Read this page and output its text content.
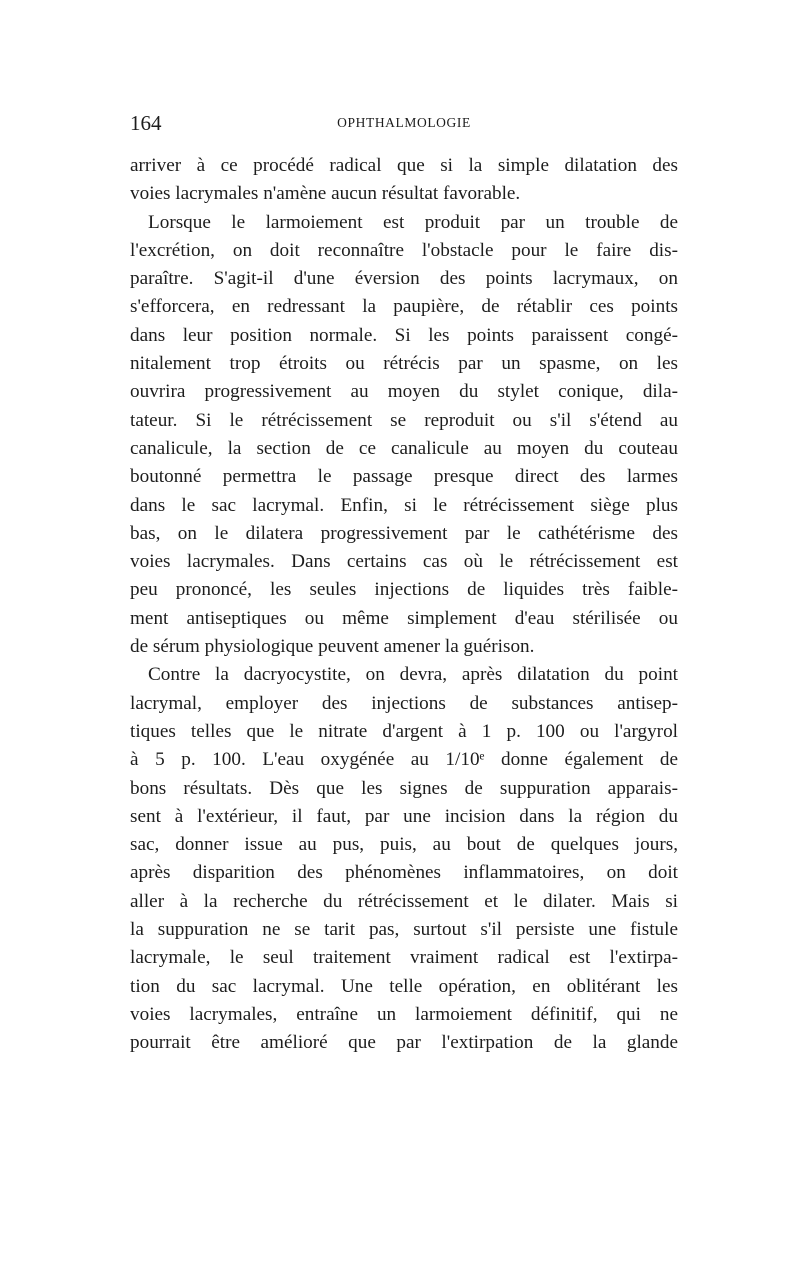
164	OPHTHALMOLOGIE
arriver à ce procédé radical que si la simple dilatation des
voies lacrymales n'amène aucun résultat favorable.
Lorsque le larmoiement est produit par un trouble de
l'excrétion, on doit reconnaître l'obstacle pour le faire dis-
paraître. S'agit-il d'une éversion des points lacrymaux, on
s'efforcera, en redressant la paupière, de rétablir ces points
dans leur position normale. Si les points paraissent congé-
nitalement trop étroits ou rétrécis par un spasme, on les
ouvrira progressivement au moyen du stylet conique, dila-
tateur. Si le rétrécissement se reproduit ou s'il s'étend au
canalicule, la section de ce canalicule au moyen du couteau
boutonné permettra le passage presque direct des larmes
dans le sac lacrymal. Enfin, si le rétrécissement siège plus
bas, on le dilatera progressivement par le cathétérisme des
voies lacrymales. Dans certains cas où le rétrécissement est
peu prononcé, les seules injections de liquides très faible-
ment antiseptiques ou même simplement d'eau stérilisée ou
de sérum physiologique peuvent amener la guérison.
Contre la dacryocystite, on devra, après dilatation du point
lacrymal, employer des injections de substances antisep-
tiques telles que le nitrate d'argent à 1 p. 100 ou l'argyrol
à 5 p. 100. L'eau oxygénée au 1/10ᵉ donne également de
bons résultats. Dès que les signes de suppuration apparais-
sent à l'extérieur, il faut, par une incision dans la région du
sac, donner issue au pus, puis, au bout de quelques jours,
après disparition des phénomènes inflammatoires, on doit
aller à la recherche du rétrécissement et le dilater. Mais si
la suppuration ne se tarit pas, surtout s'il persiste une fistule
lacrymale, le seul traitement vraiment radical est l'extirpa-
tion du sac lacrymal. Une telle opération, en oblitérant les
voies lacrymales, entraîne un larmoiement définitif, qui ne
pourrait être amélioré que par l'extirpation de la glande
